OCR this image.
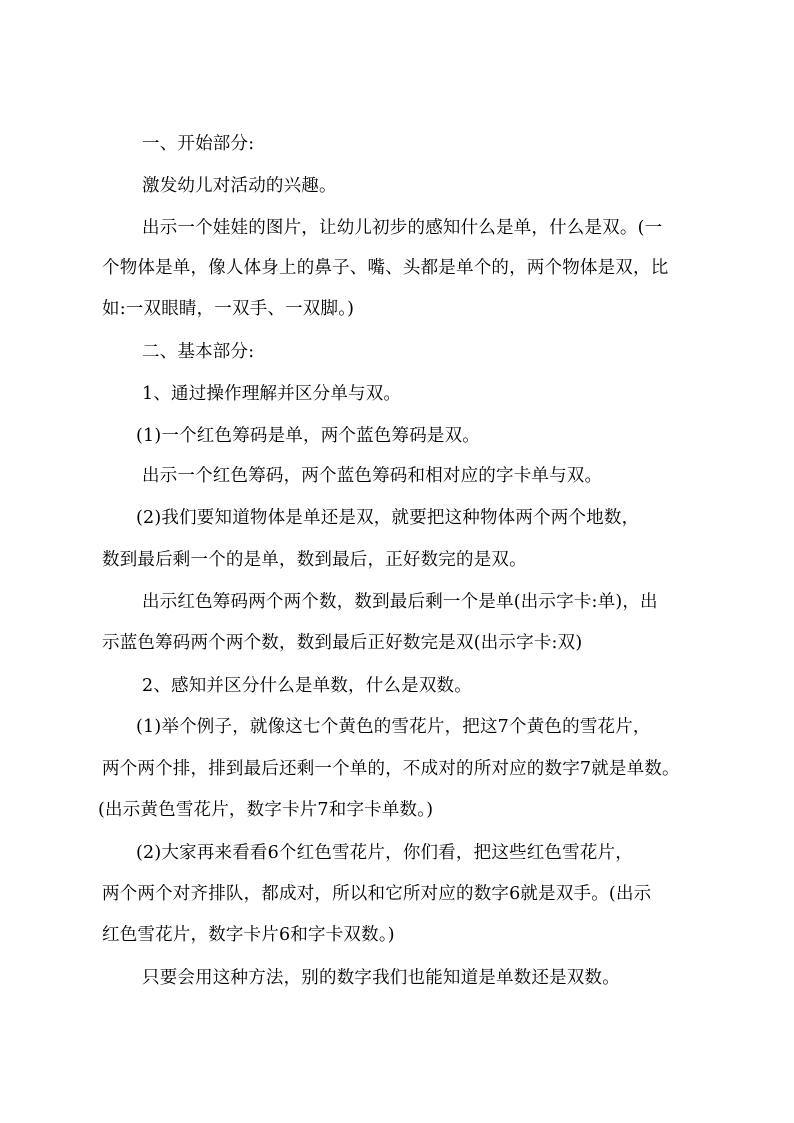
一、开始部分:
激发幼儿对活动的兴趣。
出示一个娃娃的图片，让幼儿初步的感知什么是单，什么是双。(一
个物体是单，像人体身上的鼻子、嘴、头都是单个的，两个物体是双，比
如:一双眼睛，一双手、一双脚。)
二、基本部分:
1、通过操作理解并区分单与双。
(1)一个红色筹码是单，两个蓝色筹码是双。
出示一个红色筹码，两个蓝色筹码和相对应的字卡单与双。
(2)我们要知道物体是单还是双，就要把这种物体两个两个地数，
数到最后剩一个的是单，数到最后，正好数完的是双。
出示红色筹码两个两个数，数到最后剩一个是单(出示字卡:单)，出
示蓝色筹码两个两个数，数到最后正好数完是双(出示字卡:双)
2、感知并区分什么是单数，什么是双数。
(1)举个例子，就像这七个黄色的雪花片，把这7个黄色的雪花片，
两个两个排，排到最后还剩一个单的，不成对的所对应的数字7就是单数。
(出示黄色雪花片，数字卡片7和字卡单数。)
(2)大家再来看看6个红色雪花片，你们看，把这些红色雪花片，
两个两个对齐排队，都成对，所以和它所对应的数字6就是双手。(出示
红色雪花片，数字卡片6和字卡双数。)
只要会用这种方法，别的数字我们也能知道是单数还是双数。
